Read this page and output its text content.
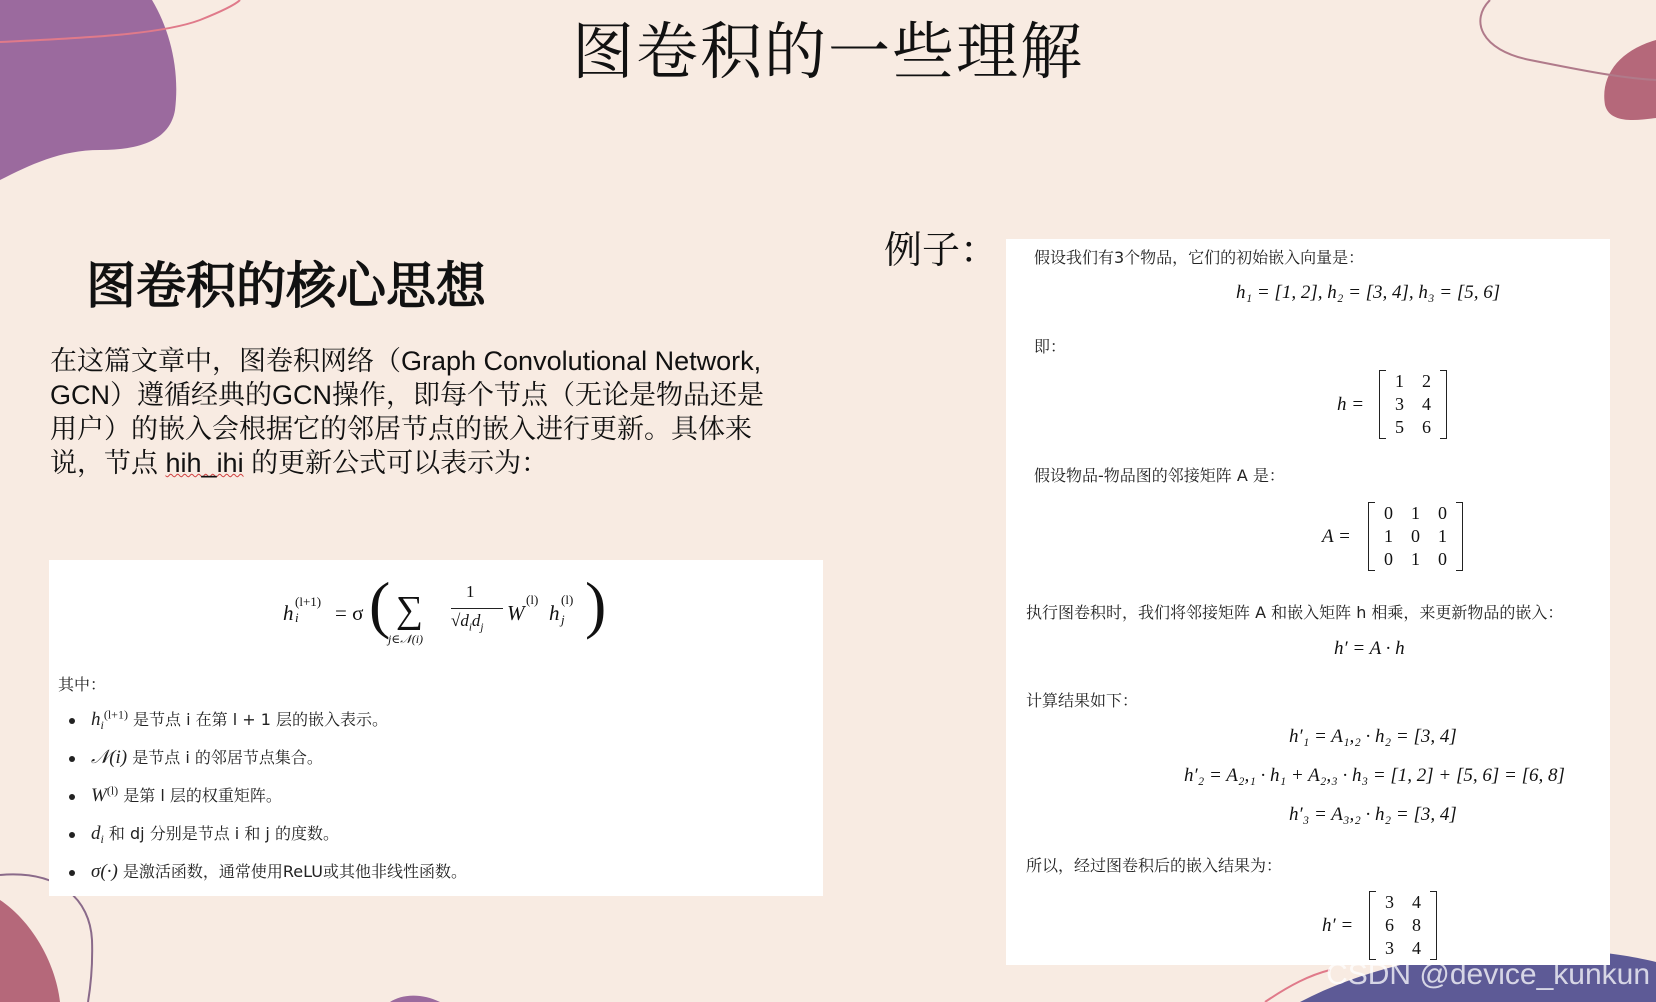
图卷积的一些理解
图卷积的核心思想
在这篇文章中，图卷积网络（Graph Convolutional Network, GCN）遵循经典的GCN操作，即每个节点（无论是物品还是用户）的嵌入会根据它的邻居节点的嵌入进行更新。具体来说，节点 hih_ihi 的更新公式可以表示为：
例子：
h i
(l+1) = σ ( ∑
j∈𝒩(i)
1
$√d_id_j$
W
(l)
h j
(l) )
其中：
$h_i^{(l+1)}$ 是节点 i 在第 l + 1 层的嵌入表示。
𝒩(i) 是节点 i 的邻居节点集合。
$W^{(l)}$ 是第 l 层的权重矩阵。
$d_i$ 和 dj 分别是节点 i 和 j 的度数。
σ(·) 是激活函数，通常使用ReLU或其他非线性函数。
假设我们有3个物品，它们的初始嵌入向量是：
h₁ = [1, 2], h₂ = [3, 4], h₃ = [5, 6]
即：
h =
1	2
3	4
5	6
假设物品-物品图的邻接矩阵 A 是：
A =
0	1	0
1	0	1
0	1	0
执行图卷积时，我们将邻接矩阵 A 和嵌入矩阵 h 相乘，来更新物品的嵌入：
h′ = A · h
计算结果如下：
h′₁ = A₁,₂ · h₂ = [3, 4]
h′₂ = A₂,₁ · h₁ + A₂,₃ · h₃ = [1, 2] + [5, 6] = [6, 8]
h′₃ = A₃,₂ · h₂ = [3, 4]
所以，经过图卷积后的嵌入结果为：
h′ =
3	4
6	8
3	4
CSDN @device_kunkun
